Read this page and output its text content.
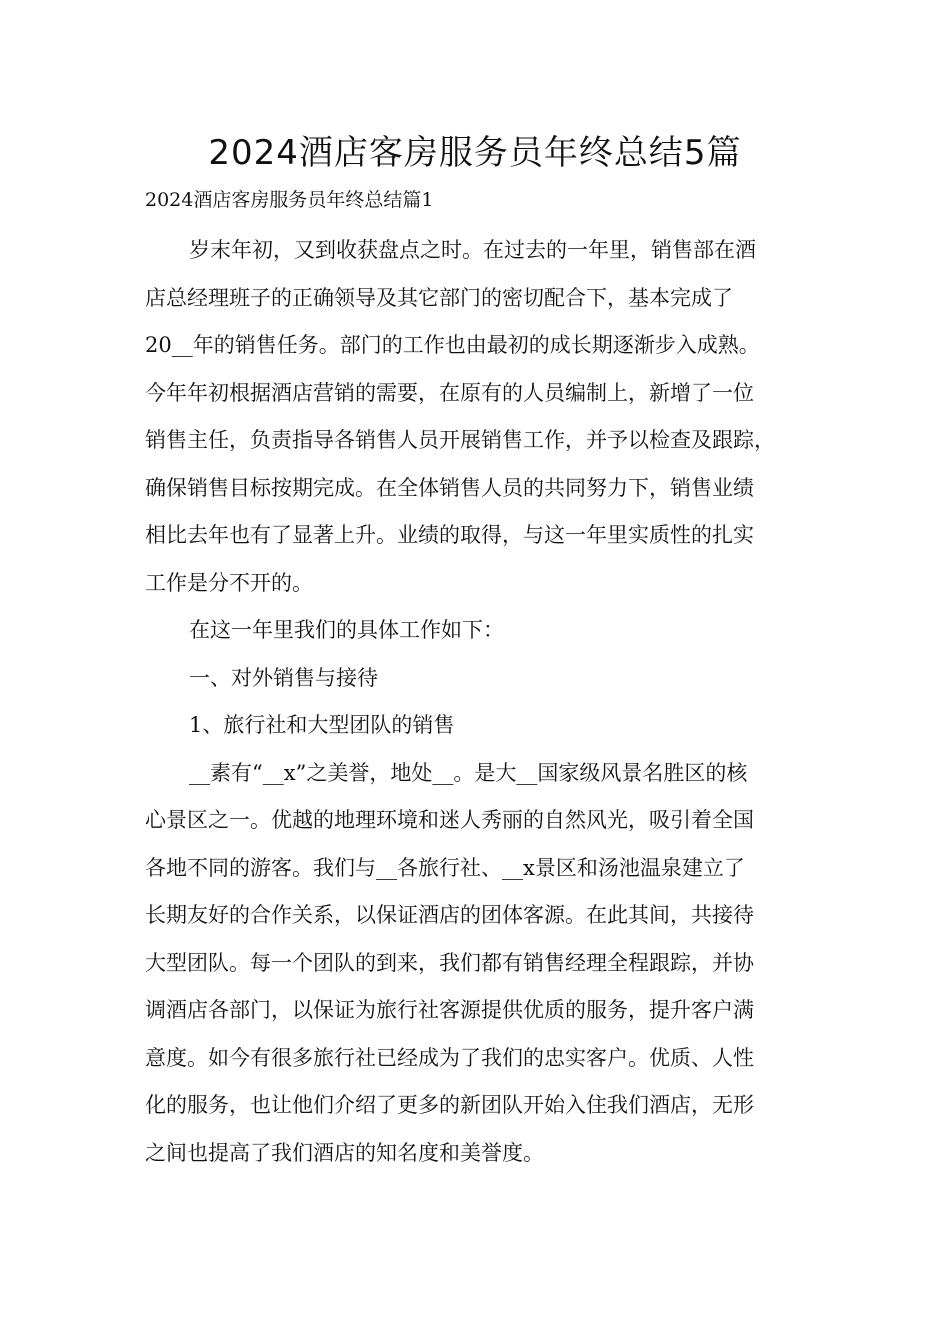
2024酒店客房服务员年终总结5篇
2024酒店客房服务员年终总结篇1
岁末年初，又到收获盘点之时。在过去的一年里，销售部在酒
店总经理班子的正确领导及其它部门的密切配合下，基本完成了
20__年的销售任务。部门的工作也由最初的成长期逐渐步入成熟。
今年年初根据酒店营销的需要，在原有的人员编制上，新增了一位
销售主任，负责指导各销售人员开展销售工作，并予以检查及跟踪，
确保销售目标按期完成。在全体销售人员的共同努力下，销售业绩
相比去年也有了显著上升。业绩的取得，与这一年里实质性的扎实
工作是分不开的。
在这一年里我们的具体工作如下：
一、对外销售与接待
1、旅行社和大型团队的销售
__素有“__x”之美誉，地处__。是大__国家级风景名胜区的核
心景区之一。优越的地理环境和迷人秀丽的自然风光，吸引着全国
各地不同的游客。我们与__各旅行社、__x景区和汤池温泉建立了
长期友好的合作关系，以保证酒店的团体客源。在此其间，共接待
大型团队。每一个团队的到来，我们都有销售经理全程跟踪，并协
调酒店各部门，以保证为旅行社客源提供优质的服务，提升客户满
意度。如今有很多旅行社已经成为了我们的忠实客户。优质、人性
化的服务，也让他们介绍了更多的新团队开始入住我们酒店，无形
之间也提高了我们酒店的知名度和美誉度。
